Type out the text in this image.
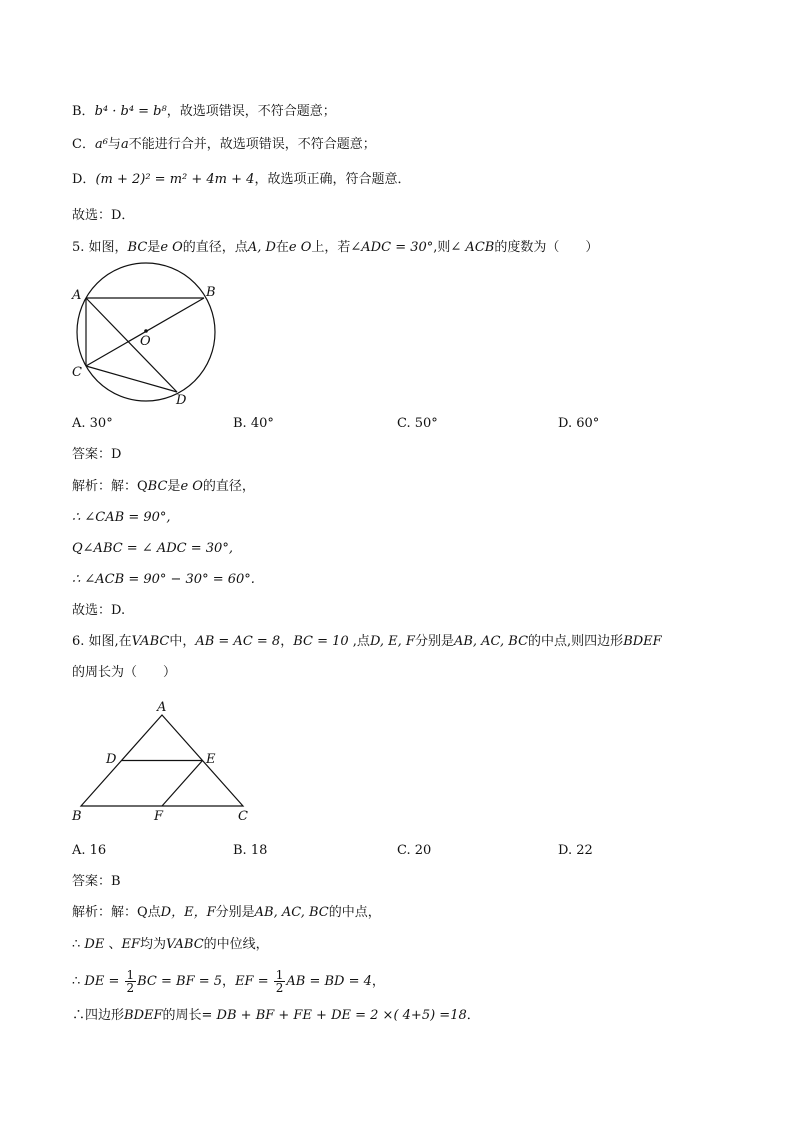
B．b⁴ · b⁴ = b⁸，故选项错误，不符合题意；
C．a⁶与a不能进行合并，故选项错误，不符合题意；
D．(m + 2)² = m² + 4m + 4，故选项正确，符合题意．
故选：D．
5. 如图，BC是e O的直径，点A, D在e O上，若∠ADC = 30°,则∠ ACB的度数为（　　）
A	B
C
D
O
A. 30°	B. 40°	C. 50°	D. 60°
答案：D
解析：解：QBC是e O的直径，
∴ ∠CAB = 90°,
Q∠ABC = ∠ ADC = 30°,
∴ ∠ACB = 90° − 30° = 60°.
故选：D.
6. 如图,在VABC中，AB = AC = 8，BC = 10 ,点D, E, F分别是AB, AC, BC的中点,则四边形BDEF
的周长为（　　）
A
D	E
B	F	C
A. 16	B. 18	C. 20	D. 22
答案：B
解析：解：Q点D，E，F分别是AB, AC, BC的中点，
∴ DE 、EF均为VABC的中位线，
∴ DE = $\frac{1}{2}$ BC = BF = 5，EF = $\frac{1}{2}$ AB = BD = 4，
∴四边形BDEF的周长= DB + BF + FE + DE = 2 ×( 4+5) =18．
